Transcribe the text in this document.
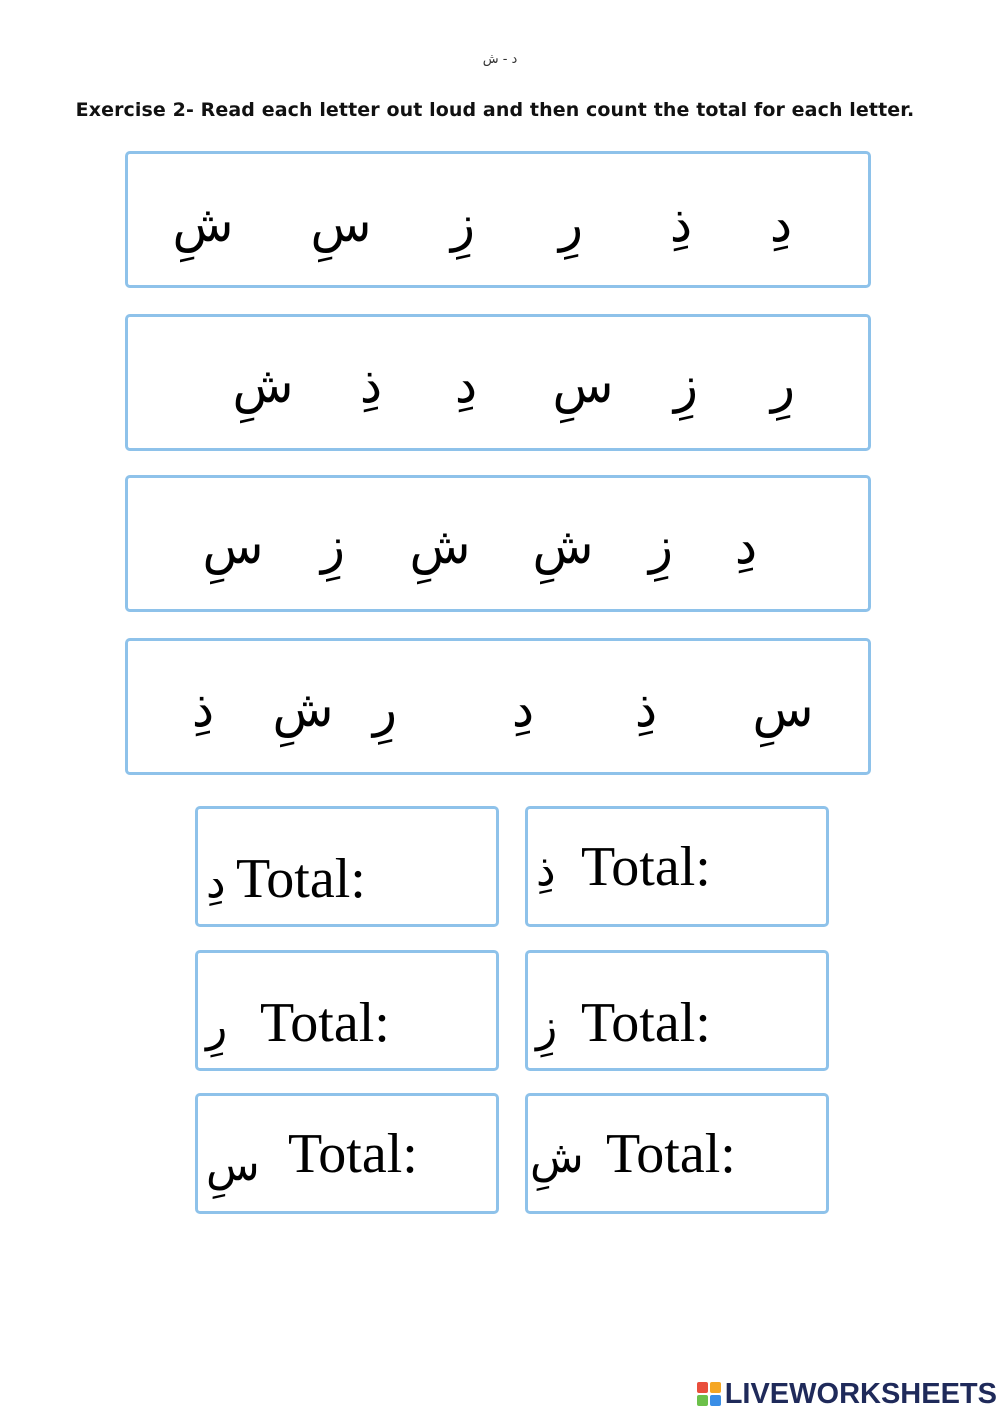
د - ش
Exercise 2- Read each letter out loud and then count the total for each letter.
دِ
ذِ
رِ
زِ
سِ
شِ
رِ
زِ
سِ
دِ
ذِ
شِ
دِ
زِ
شِ
شِ
زِ
سِ
سِ
ذِ
دِ
رِ
شِ
ذِ
دِ Total:	ذِ Total:
رِ Total:	زِ Total:
سِ Total:	شِ Total:
LIVEWORKSHEETS
